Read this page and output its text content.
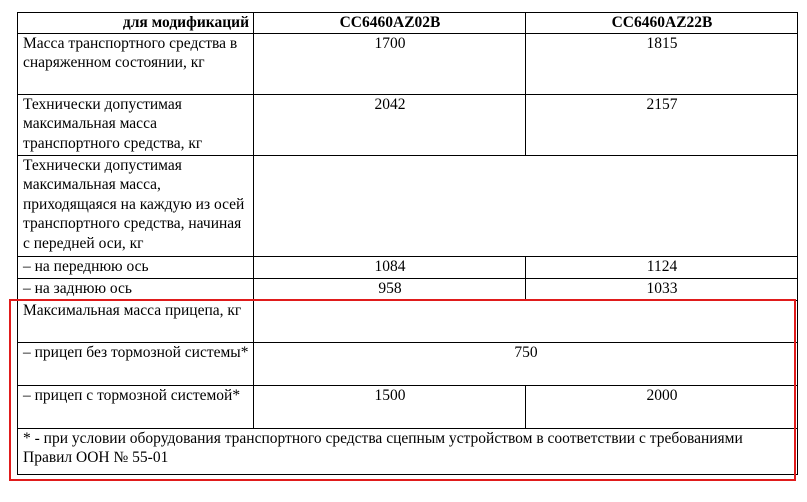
для модификаций	CC6460AZ02B	CC6460AZ22B
Масса транспортного средства в снаряженном состоянии, кг	1700	1815
Технически допустимая максимальная масса транспортного средства, кг	2042	2157
Технически допустимая максимальная масса, приходящаяся на каждую из осей транспортного средства, начиная с передней оси, кг		
– на переднюю ось	1084	1124
– на заднюю ось	958	1033
Максимальная масса прицепа, кг		
– прицеп без тормозной системы*	750	
– прицеп с тормозной системой*	1500	2000
* - при условии оборудования транспортного средства сцепным устройством в соответствии с требованиями Правил ООН № 55-01		
